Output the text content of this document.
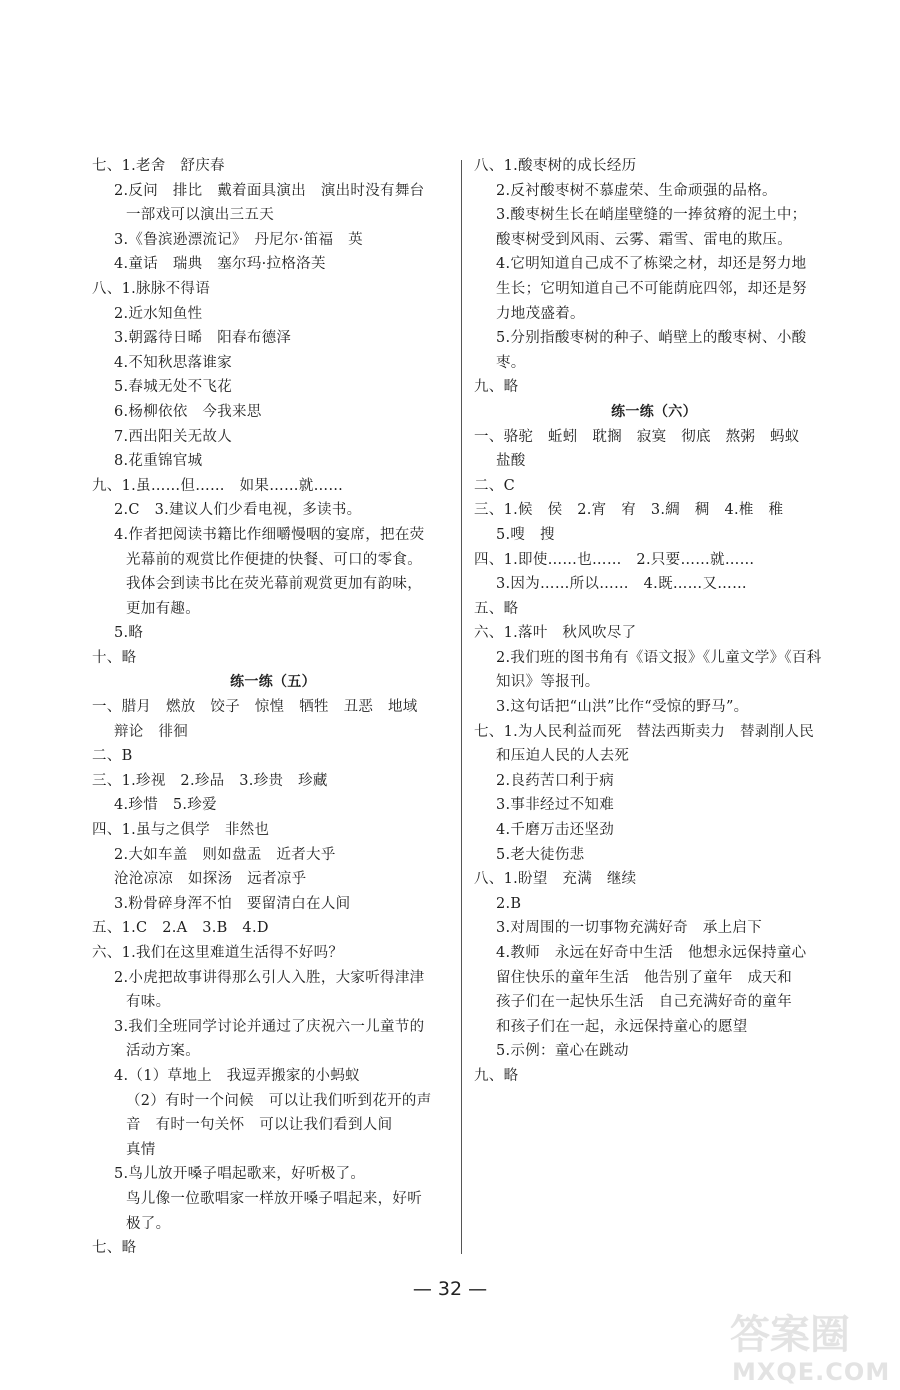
七、1.老舍　舒庆春
2.反问　排比　戴着面具演出　演出时没有舞台
一部戏可以演出三五天
3.《鲁滨逊漂流记》　丹尼尔·笛福　英
4.童话　瑞典　塞尔玛·拉格洛芙
八、1.脉脉不得语
2.近水知鱼性
3.朝露待日晞　阳春布德泽
4.不知秋思落谁家
5.春城无处不飞花
6.杨柳依依　今我来思
7.西出阳关无故人
8.花重锦官城
九、1.虽……但……　如果……就……
2.C　3.建议人们少看电视，多读书。
4.作者把阅读书籍比作细嚼慢咽的宴席，把在荧
光幕前的观赏比作便捷的快餐、可口的零食。
我体会到读书比在荧光幕前观赏更加有韵味，
更加有趣。
5.略
十、略
练一练（五）
一、腊月　燃放　饺子　惊惶　牺牲　丑恶　地域
辩论　徘徊
二、B
三、1.珍视　2.珍品　3.珍贵　珍藏
4.珍惜　5.珍爱
四、1.虽与之俱学　非然也
2.大如车盖　则如盘盂　近者大乎
沧沧凉凉　如探汤　远者凉乎
3.粉骨碎身浑不怕　要留清白在人间
五、1.C　2.A　3.B　4.D
六、1.我们在这里难道生活得不好吗？
2.小虎把故事讲得那么引人入胜，大家听得津津
有味。
3.我们全班同学讨论并通过了庆祝六一儿童节的
活动方案。
4.（1）草地上　我逗弄搬家的小蚂蚁
（2）有时一个问候　可以让我们听到花开的声
音　有时一句关怀　可以让我们看到人间
真情
5.鸟儿放开嗓子唱起歌来，好听极了。
鸟儿像一位歌唱家一样放开嗓子唱起来，好听
极了。
七、略
八、1.酸枣树的成长经历
2.反衬酸枣树不慕虚荣、生命顽强的品格。
3.酸枣树生长在峭崖壁缝的一捧贫瘠的泥土中；
酸枣树受到风雨、云雾、霜雪、雷电的欺压。
4.它明知道自己成不了栋梁之材，却还是努力地
生长；它明知道自己不可能荫庇四邻，却还是努
力地茂盛着。
5.分别指酸枣树的种子、峭壁上的酸枣树、小酸
枣。
九、略
练一练（六）
一、骆驼　蚯蚓　耽搁　寂寞　彻底　熬粥　蚂蚁
盐酸
二、C
三、1.候　侯　2.宵　宥　3.綢　稠　4.椎　稚
5.嗖　搜
四、1.即使……也……　2.只要……就……
3.因为……所以……　4.既……又……
五、略
六、1.落叶　秋风吹尽了
2.我们班的图书角有《语文报》《儿童文学》《百科
知识》等报刊。
3.这句话把“山洪”比作“受惊的野马”。
七、1.为人民利益而死　替法西斯卖力　替剥削人民
和压迫人民的人去死
2.良药苦口利于病
3.事非经过不知难
4.千磨万击还坚劲
5.老大徒伤悲
八、1.盼望　充满　继续
2.B
3.对周围的一切事物充满好奇　承上启下
4.教师　永远在好奇中生活　他想永远保持童心
留住快乐的童年生活　他告别了童年　成天和
孩子们在一起快乐生活　自己充满好奇的童年
和孩子们在一起，永远保持童心的愿望
5.示例：童心在跳动
九、略
— 32 —
答案圈
MXQE.COM
